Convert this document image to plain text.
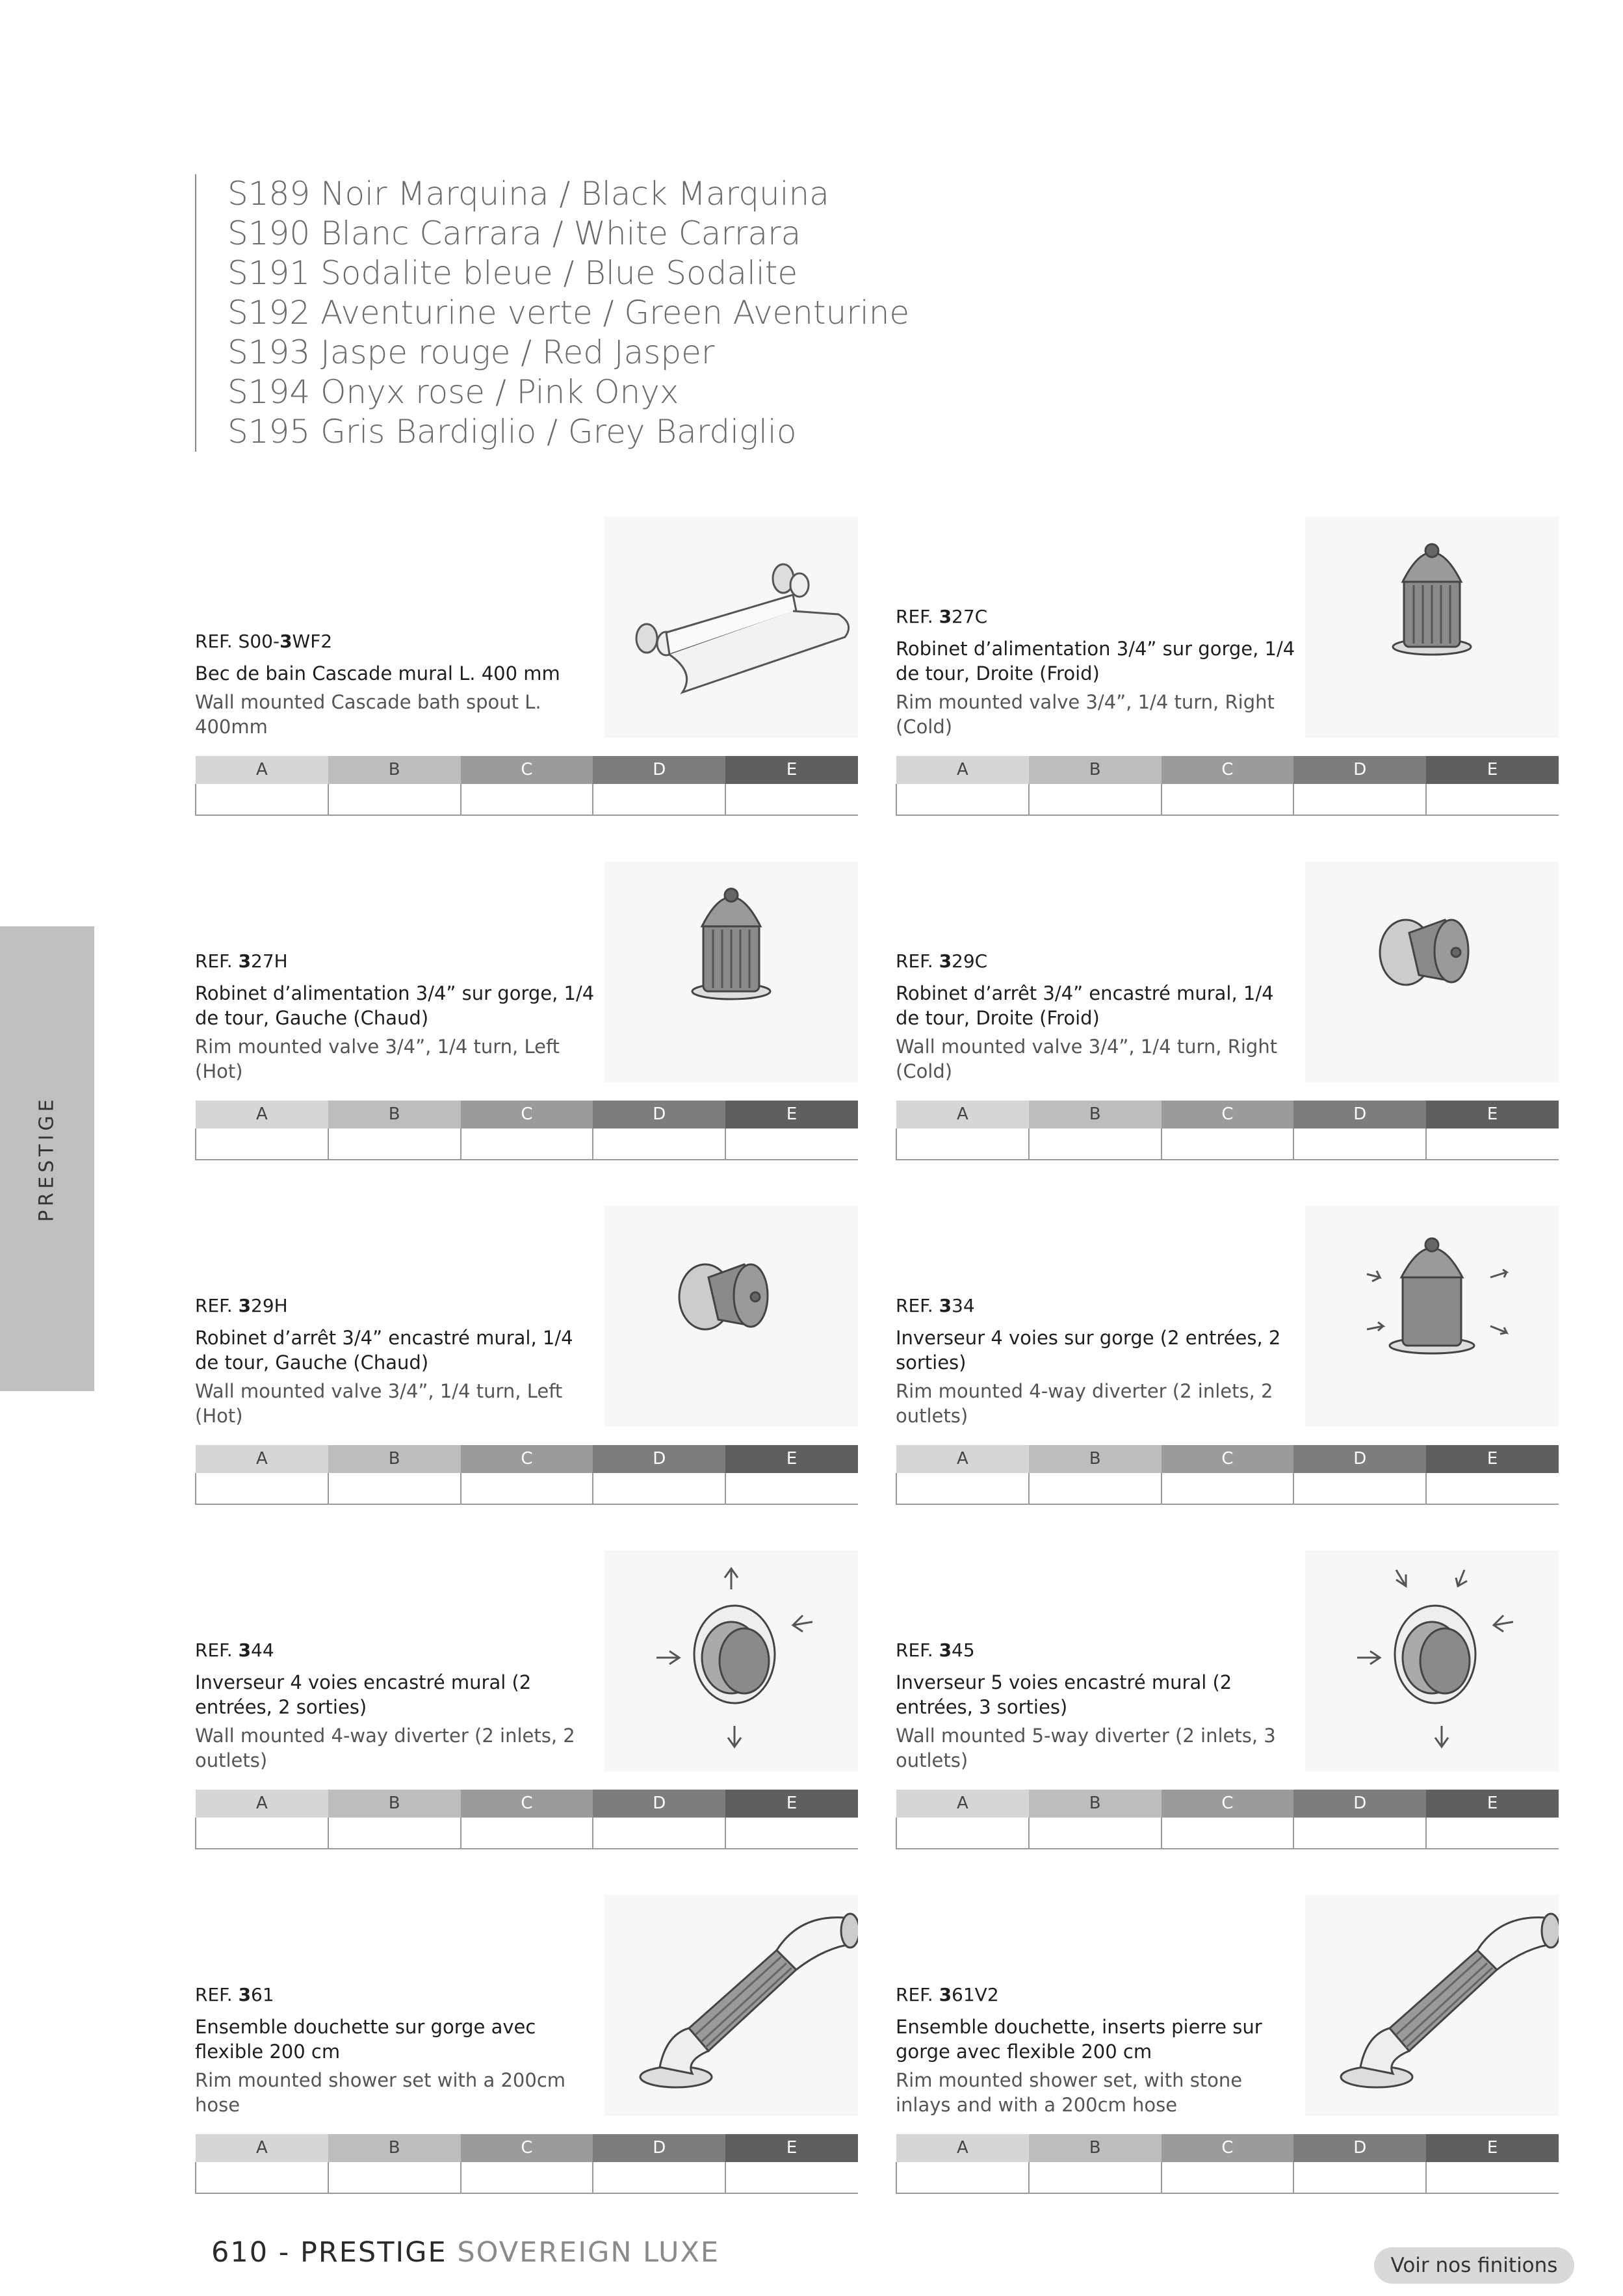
S189 Noir Marquina / Black Marquina
S190 Blanc Carrara / White Carrara
S191 Sodalite bleue / Blue Sodalite
S192 Aventurine verte / Green Aventurine
S193 Jaspe rouge / Red Jasper
S194 Onyx rose / Pink Onyx
S195 Gris Bardiglio / Grey Bardiglio
PRESTIGE
REF. S00-3WF2
Bec de bain Cascade mural L. 400 mm
Wall mounted Cascade bath spout L. 400mm
A	B	C	D	E

REF. 327C
Robinet d’alimentation 3/4” sur gorge, 1/4 de tour, Droite (Froid)
Rim mounted valve 3/4”, 1/4 turn, Right (Cold)
A	B	C	D	E

REF. 327H
Robinet d’alimentation 3/4” sur gorge, 1/4 de tour, Gauche (Chaud)
Rim mounted valve 3/4”, 1/4 turn, Left (Hot)
A	B	C	D	E

REF. 329C
Robinet d’arrêt 3/4” encastré mural, 1/4 de tour, Droite (Froid)
Wall mounted valve 3/4”, 1/4 turn, Right (Cold)
A	B	C	D	E

REF. 329H
Robinet d’arrêt 3/4” encastré mural, 1/4 de tour, Gauche (Chaud)
Wall mounted valve 3/4”, 1/4 turn, Left (Hot)
A	B	C	D	E

REF. 334
Inverseur 4 voies sur gorge (2 entrées, 2 sorties)
Rim mounted 4-way diverter (2 inlets, 2 outlets)
A	B	C	D	E

REF. 344
Inverseur 4 voies encastré mural (2 entrées, 2 sorties)
Wall mounted 4-way diverter (2 inlets, 2 outlets)
A	B	C	D	E

REF. 345
Inverseur 5 voies encastré mural (2 entrées, 3 sorties)
Wall mounted 5-way diverter (2 inlets, 3 outlets)
A	B	C	D	E

REF. 361
Ensemble douchette sur gorge avec flexible 200 cm
Rim mounted shower set with a 200cm hose
A	B	C	D	E

REF. 361V2
Ensemble douchette, inserts pierre sur gorge avec flexible 200 cm
Rim mounted shower set, with stone inlays and with a 200cm hose
A	B	C	D	E

610 - PRESTIGE SOVEREIGN LUXE	Voir nos finitions
